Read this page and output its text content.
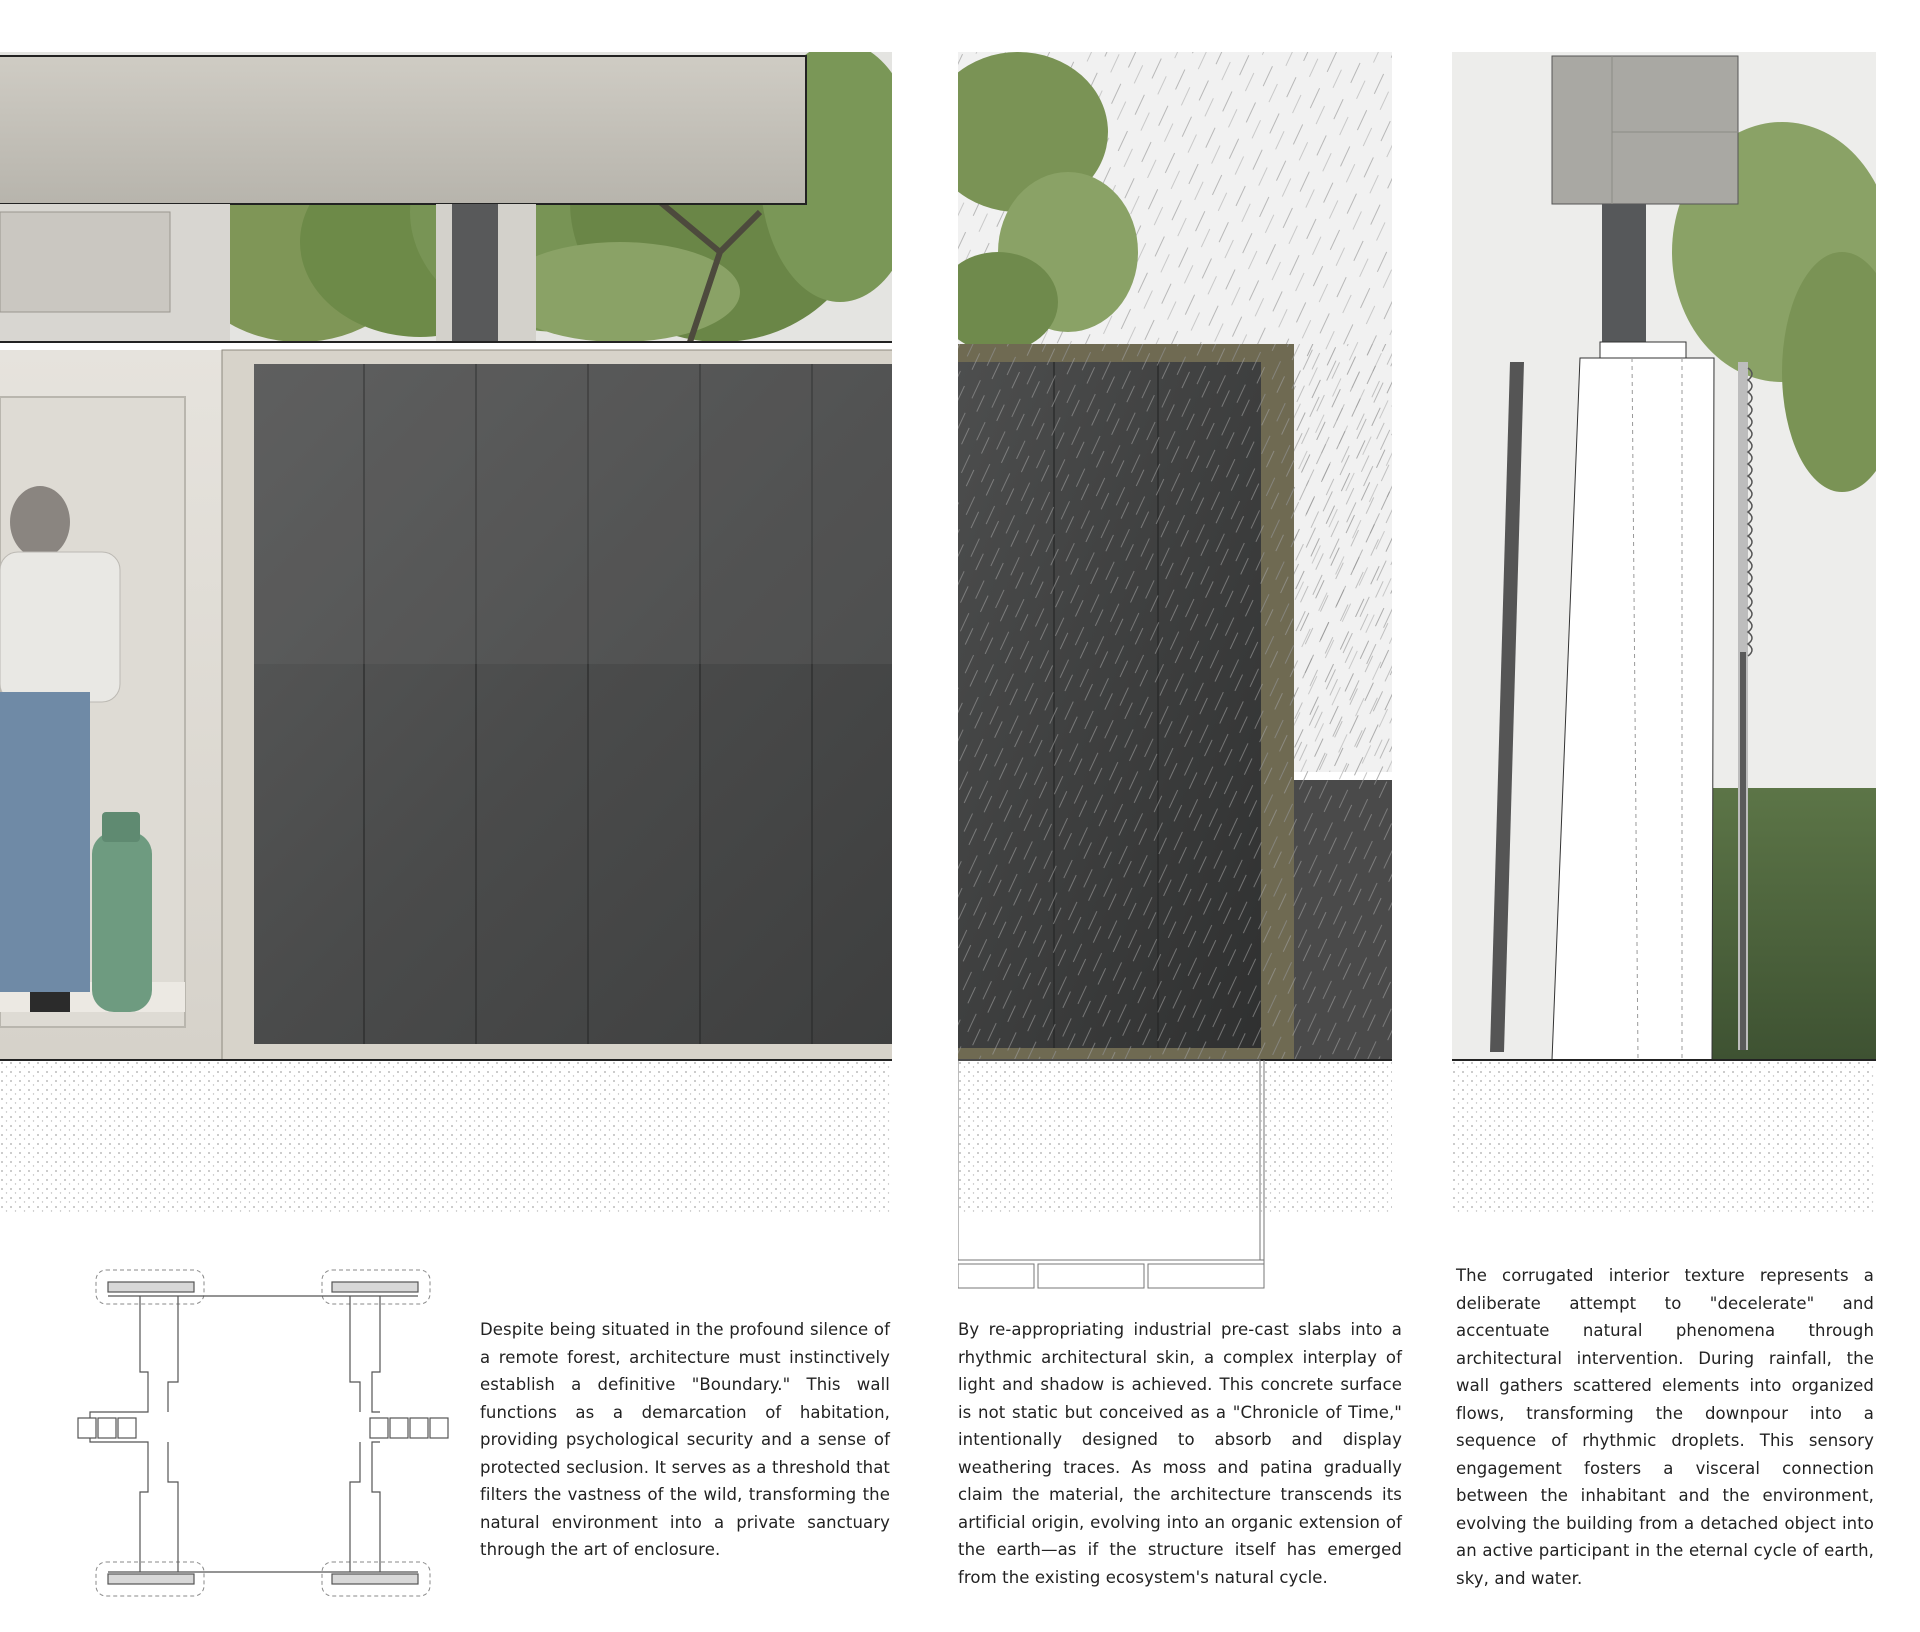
Despite being situated in the profound silence of a remote forest, architecture must instinctively establish a definitive "Boundary." This wall functions as a demarcation of habitation, providing psychological security and a sense of protected seclusion. It serves as a threshold that filters the vastness of the wild, transforming the natural environment into a private sanctuary through the art of enclosure.

By re-appropriating industrial pre-cast slabs into a rhythmic architectural skin, a complex interplay of light and shadow is achieved. This concrete surface is not static but conceived as a "Chronicle of Time," intentionally designed to absorb and display weathering traces. As moss and patina gradually claim the material, the architecture transcends its artificial origin, evolving into an organic extension of the earth—as if the structure itself has emerged from the existing ecosystem's natural cycle.

The corrugated interior texture represents a deliberate attempt to "decelerate" and accentuate natural phenomena through architectural intervention. During rainfall, the wall gathers scattered elements into organized flows, transforming the downpour into a sequence of rhythmic droplets. This sensory engagement fosters a visceral connection between the inhabitant and the environment, evolving the building from a detached object into an active participant in the eternal cycle of earth, sky, and water.
